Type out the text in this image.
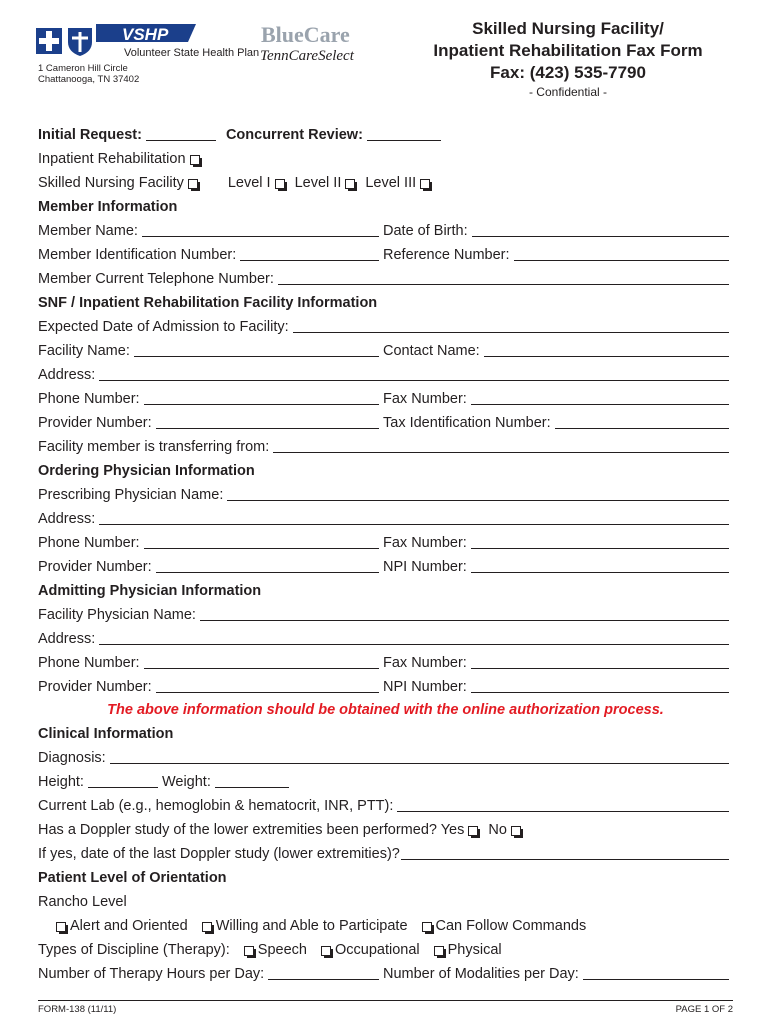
VSHP
Volunteer State Health Plan
BlueCare
TennCareSelect
1 Cameron Hill Circle
Chattanooga, TN 37402
Skilled Nursing Facility/
Inpatient Rehabilitation Fax Form
Fax: (423) 535-7790
- Confidential -
Initial Request:	Concurrent Review:
Inpatient Rehabilitation
Skilled Nursing Facility	Level I Level II Level III
Member Information
Member Name:	Date of Birth:
Member Identification Number:	Reference Number:
Member Current Telephone Number:
SNF / Inpatient Rehabilitation Facility Information
Expected Date of Admission to Facility:
Facility Name:	Contact Name:
Address:
Phone Number:	Fax Number:
Provider Number:	Tax Identification Number:
Facility member is transferring from:
Ordering Physician Information
Prescribing Physician Name:
Address:
Phone Number:	Fax Number:
Provider Number:	NPI Number:
Admitting Physician Information
Facility Physician Name:
Address:
Phone Number:	Fax Number:
Provider Number:	NPI Number:
The above information should be obtained with the online authorization process.
Clinical Information
Diagnosis:
Height:	Weight:
Current Lab (e.g., hemoglobin & hematocrit, INR, PTT):
Has a Doppler study of the lower extremities been performed? Yes No
If yes, date of the last Doppler study (lower extremities)?
Patient Level of Orientation
Rancho Level
Alert and Oriented Willing and Able to Participate Can Follow Commands
Types of Discipline (Therapy): Speech Occupational Physical
Number of Therapy Hours per Day:	Number of Modalities per Day:
FORM-138 (11/11)	PAGE 1 OF 2
